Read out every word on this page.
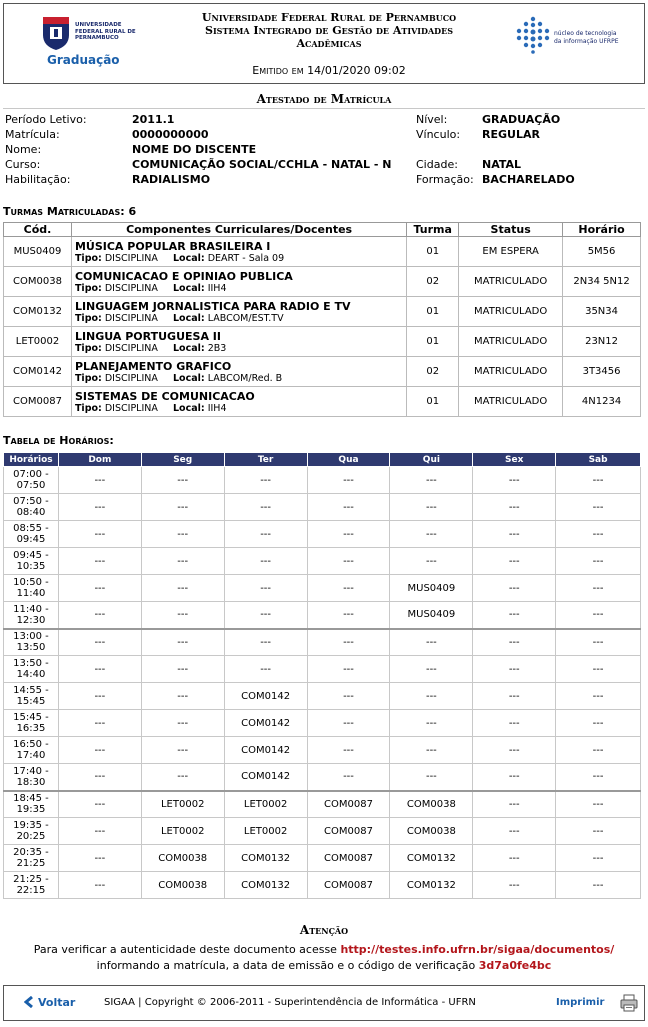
UNIVERSIDADE FEDERAL RURAL DE PERNAMBUCO
Graduação
Universidade Federal Rural de Pernambuco
Sistema Integrado de Gestão de Atividades
Acadêmicas
Emitido em 14/01/2020 09:02
núcleo de tecnologia
da informação UFRPE
Atestado de Matrícula
Período Letivo:	2011.1	Nível:	GRADUAÇÃO
Matrícula:	0000000000	Vínculo: REGULAR
Nome:	NOME DO DISCENTE
Curso:	COMUNICAÇÃO SOCIAL/CCHLA - NATAL - N Cidade: NATAL
Habilitação:	RADIALISMO	Formação: BACHARELADO
Turmas Matriculadas: 6
Cód.	Componentes Curriculares/Docentes	Turma	Status	Horário
MUS0409	MÚSICA POPULAR BRASILEIRA I
Tipo: DISCIPLINA Local: DEART - Sala 09	01	EM ESPERA	5M56
COM0038	COMUNICACAO E OPINIAO PUBLICA
Tipo: DISCIPLINA Local: IIH4	02	MATRICULADO	2N34 5N12
COM0132	LINGUAGEM JORNALISTICA PARA RADIO E TV
Tipo: DISCIPLINA Local: LABCOM/EST.TV	01	MATRICULADO	35N34
LET0002	LINGUA PORTUGUESA II
Tipo: DISCIPLINA Local: 2B3	01	MATRICULADO	23N12
COM0142	PLANEJAMENTO GRAFICO
Tipo: DISCIPLINA Local: LABCOM/Red. B	02	MATRICULADO	3T3456
COM0087	SISTEMAS DE COMUNICACAO
Tipo: DISCIPLINA Local: IIH4	01	MATRICULADO	4N1234
Tabela de Horários:
Horários	Dom	Seg	Ter	Qua	Qui	Sex	Sab

07:00 -
07:50	---	---	---	---	---	---	---

07:50 -
08:40	---	---	---	---	---	---	---

08:55 -
09:45	---	---	---	---	---	---	---

09:45 -
10:35	---	---	---	---	---	---	---

10:50 -
11:40	---	---	---	---	MUS0409	---	---

11:40 -
12:30	---	---	---	---	MUS0409	---	---

13:00 -
13:50	---	---	---	---	---	---	---

13:50 -
14:40	---	---	---	---	---	---	---

14:55 -
15:45	---	---	COM0142	---	---	---	---

15:45 -
16:35	---	---	COM0142	---	---	---	---

16:50 -
17:40	---	---	COM0142	---	---	---	---

17:40 -
18:30	---	---	COM0142	---	---	---	---

18:45 -
19:35	---	LET0002	LET0002	COM0087	COM0038	---	---

19:35 -
20:25	---	LET0002	LET0002	COM0087	COM0038	---	---

20:35 -
21:25	---	COM0038	COM0132	COM0087	COM0132	---	---

21:25 -
22:15	---	COM0038	COM0132	COM0087	COM0132	---	---
Atenção
Para verificar a autenticidade deste documento acesse http://testes.info.ufrn.br/sigaa/documentos/
informando a matrícula, a data de emissão e o código de verificação 3d7a0fe4bc
Voltar	SIGAA | Copyright © 2006-2011 - Superintendência de Informática - UFRN	Imprimir
